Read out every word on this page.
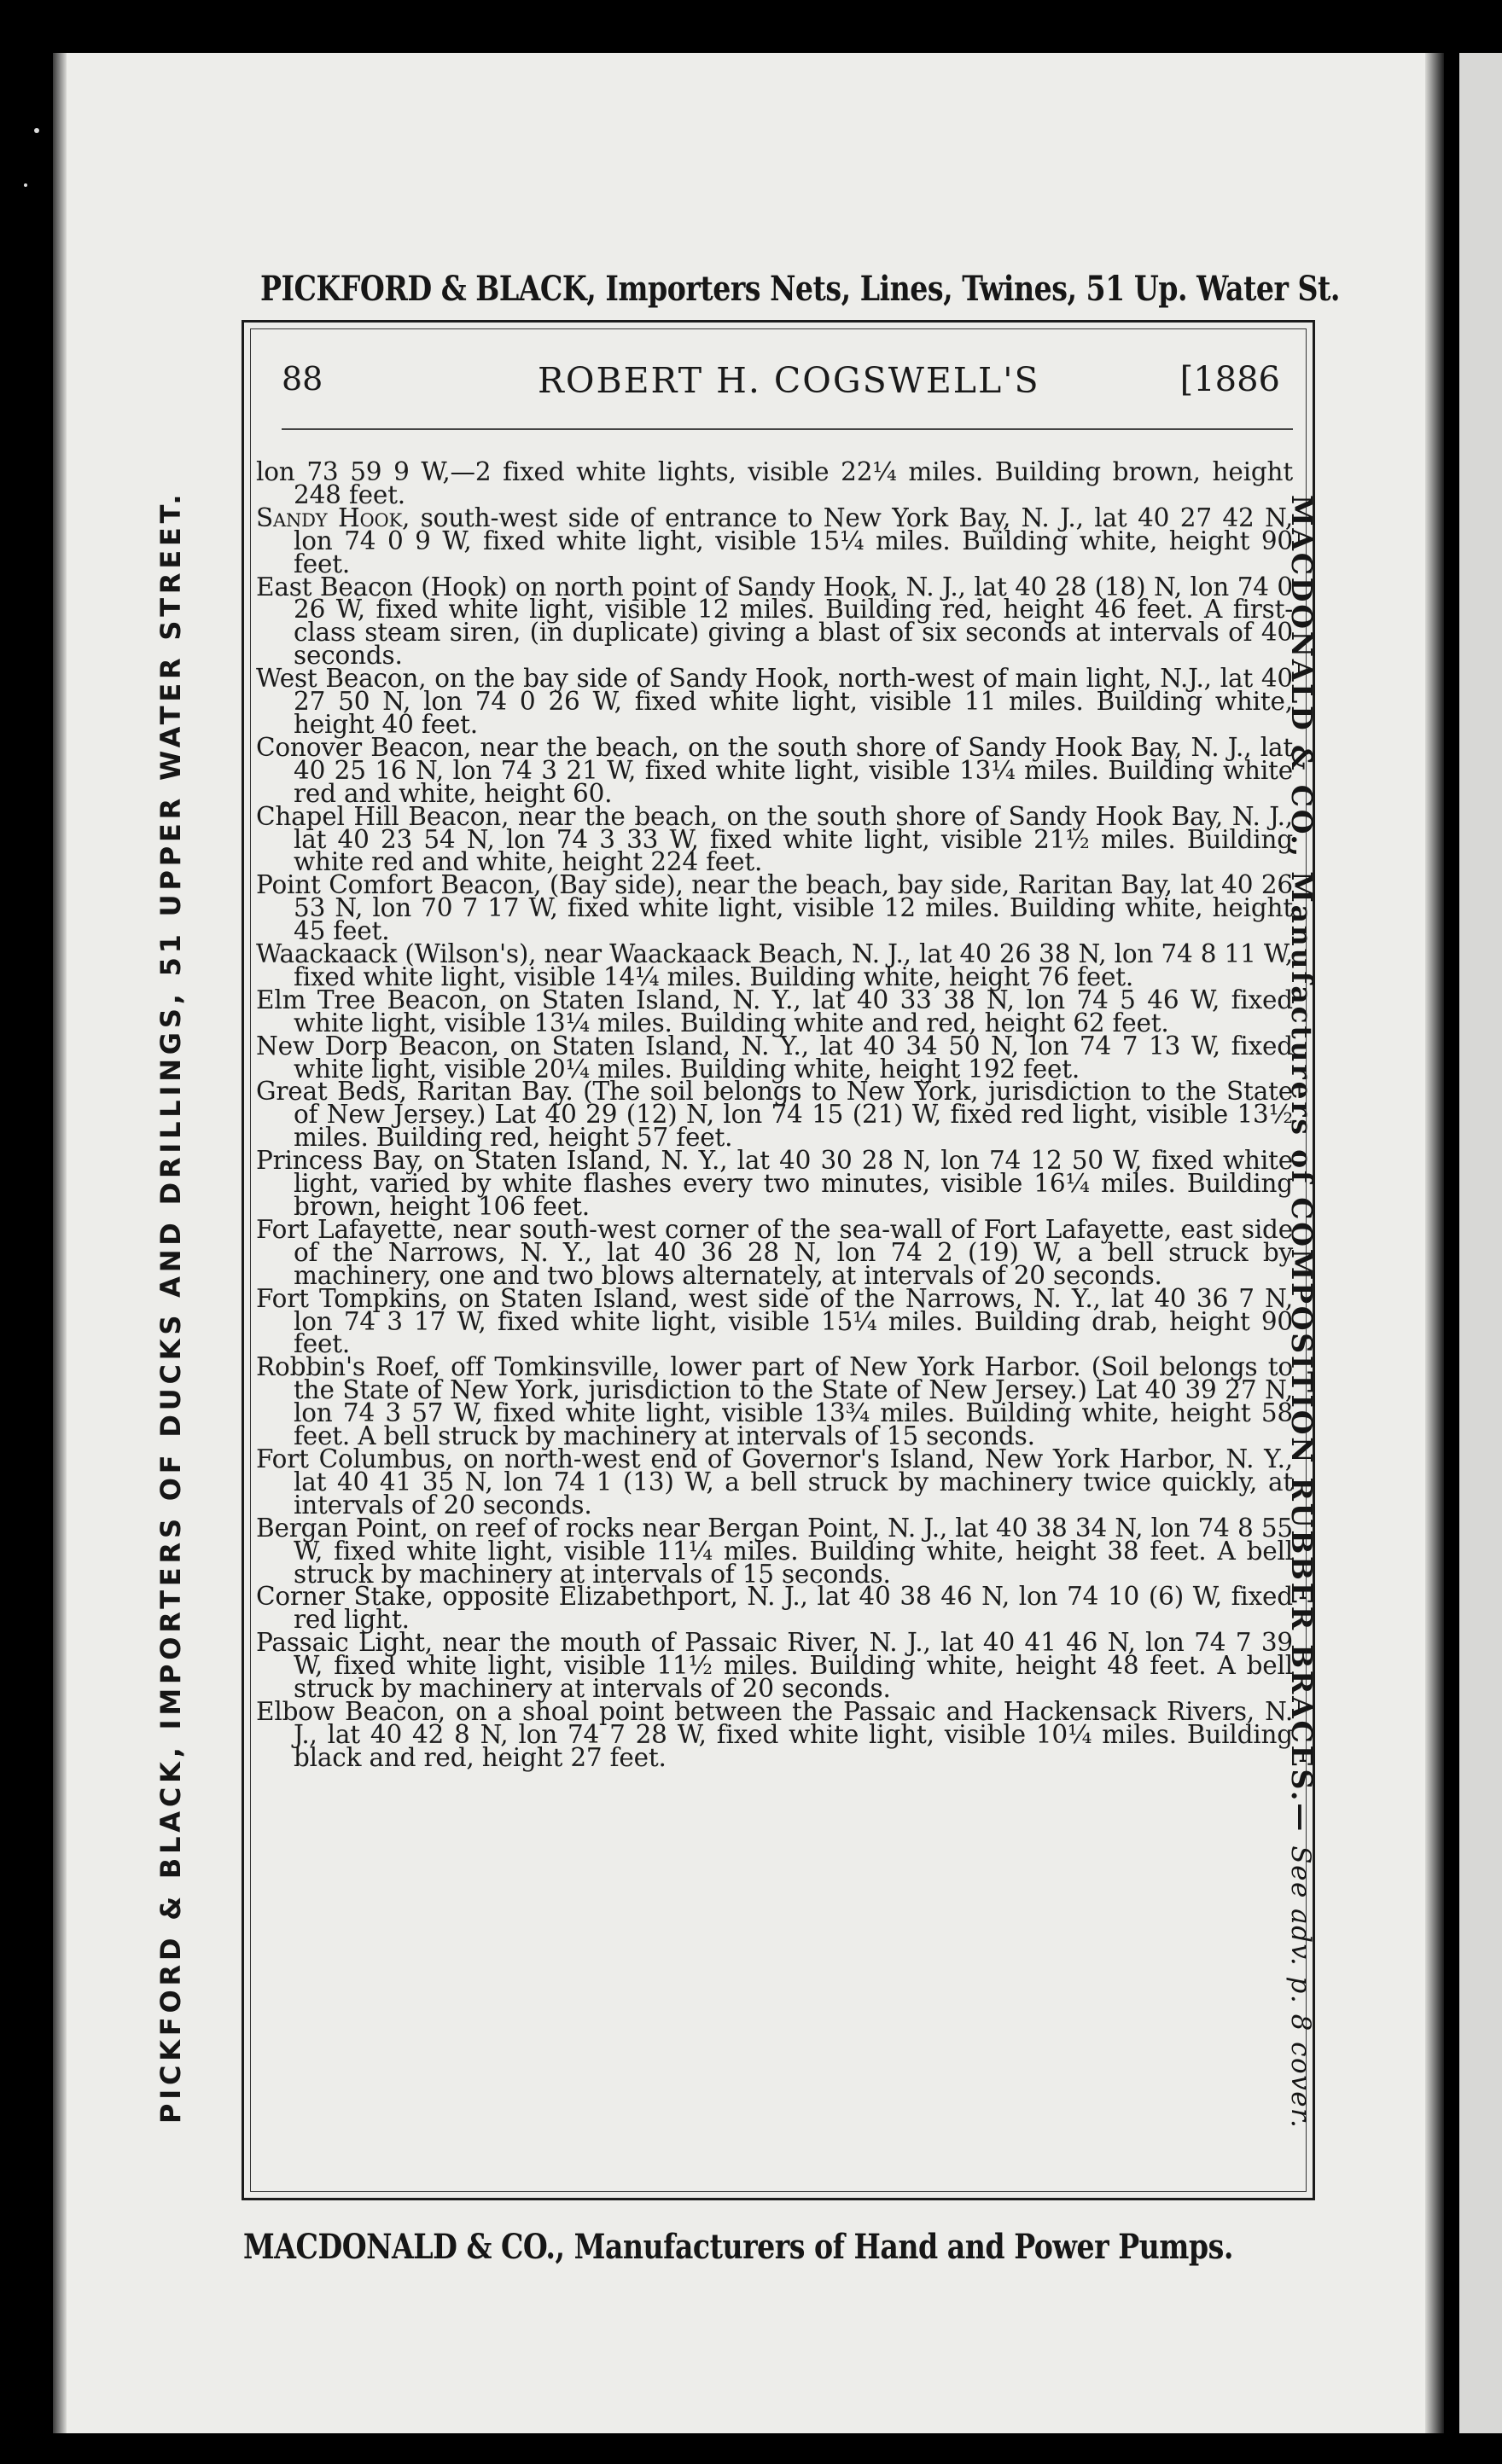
PICKFORD & BLACK, Importers Nets, Lines, Twines, 51 Up. Water St.
PICKFORD & BLACK, IMPORTERS OF DUCKS AND DRILLINGS, 51 UPPER WATER STREET.	MACDONALD & CO., Manufacturers of COMPOSITION RUBBER BRACES.— See adv. p. 8 cover.
88	ROBERT H. COGSWELL'S	[1886

lon 73 59 9 W,—2 fixed white lights, visible 22¼ miles. Building brown, height 248 feet.

Sandy Hook, south-west side of entrance to New York Bay, N. J., lat 40 27 42 N, lon 74 0 9 W, fixed white light, visible 15¼ miles. Building white, height 90 feet.

East Beacon (Hook) on north point of Sandy Hook, N. J., lat 40 28 (18) N, lon 74 0 26 W, fixed white light, visible 12 miles. Building red, height 46 feet. A first-class steam siren, (in duplicate) giving a blast of six seconds at intervals of 40 seconds.

West Beacon, on the bay side of Sandy Hook, north-west of main light, N.J., lat 40 27 50 N, lon 74 0 26 W, fixed white light, visible 11 miles. Building white, height 40 feet.

Conover Beacon, near the beach, on the south shore of Sandy Hook Bay, N. J., lat 40 25 16 N, lon 74 3 21 W, fixed white light, visible 13¼ miles. Building white red and white, height 60.

Chapel Hill Beacon, near the beach, on the south shore of Sandy Hook Bay, N. J., lat 40 23 54 N, lon 74 3 33 W, fixed white light, visible 21½ miles. Building white red and white, height 224 feet.

Point Comfort Beacon, (Bay side), near the beach, bay side, Raritan Bay, lat 40 26 53 N, lon 70 7 17 W, fixed white light, visible 12 miles. Building white, height 45 feet.

Waackaack (Wilson's), near Waackaack Beach, N. J., lat 40 26 38 N, lon 74 8 11 W, fixed white light, visible 14¼ miles. Building white, height 76 feet.

Elm Tree Beacon, on Staten Island, N. Y., lat 40 33 38 N, lon 74 5 46 W, fixed white light, visible 13¼ miles. Building white and red, height 62 feet.

New Dorp Beacon, on Staten Island, N. Y., lat 40 34 50 N, lon 74 7 13 W, fixed white light, visible 20¼ miles. Building white, height 192 feet.

Great Beds, Raritan Bay. (The soil belongs to New York, jurisdiction to the State of New Jersey.) Lat 40 29 (12) N, lon 74 15 (21) W, fixed red light, visible 13½ miles. Building red, height 57 feet.

Princess Bay, on Staten Island, N. Y., lat 40 30 28 N, lon 74 12 50 W, fixed white light, varied by white flashes every two minutes, visible 16¼ miles. Building brown, height 106 feet.

Fort Lafayette, near south-west corner of the sea-wall of Fort Lafayette, east side of the Narrows, N. Y., lat 40 36 28 N, lon 74 2 (19) W, a bell struck by machinery, one and two blows alternately, at intervals of 20 seconds.

Fort Tompkins, on Staten Island, west side of the Narrows, N. Y., lat 40 36 7 N, lon 74 3 17 W, fixed white light, visible 15¼ miles. Building drab, height 90 feet.

Robbin's Roef, off Tomkinsville, lower part of New York Harbor. (Soil belongs to the State of New York, jurisdiction to the State of New Jersey.) Lat 40 39 27 N, lon 74 3 57 W, fixed white light, visible 13¾ miles. Building white, height 58 feet. A bell struck by machinery at intervals of 15 seconds.

Fort Columbus, on north-west end of Governor's Island, New York Harbor, N. Y., lat 40 41 35 N, lon 74 1 (13) W, a bell struck by machinery twice quickly, at intervals of 20 seconds.

Bergan Point, on reef of rocks near Bergan Point, N. J., lat 40 38 34 N, lon 74 8 55 W, fixed white light, visible 11¼ miles. Building white, height 38 feet. A bell struck by machinery at intervals of 15 seconds.

Corner Stake, opposite Elizabethport, N. J., lat 40 38 46 N, lon 74 10 (6) W, fixed red light.

Passaic Light, near the mouth of Passaic River, N. J., lat 40 41 46 N, lon 74 7 39 W, fixed white light, visible 11½ miles. Building white, height 48 feet. A bell struck by machinery at intervals of 20 seconds.

Elbow Beacon, on a shoal point between the Passaic and Hackensack Rivers, N. J., lat 40 42 8 N, lon 74 7 28 W, fixed white light, visible 10¼ miles. Building black and red, height 27 feet.

MACDONALD & CO., Manufacturers of Hand and Power Pumps.
